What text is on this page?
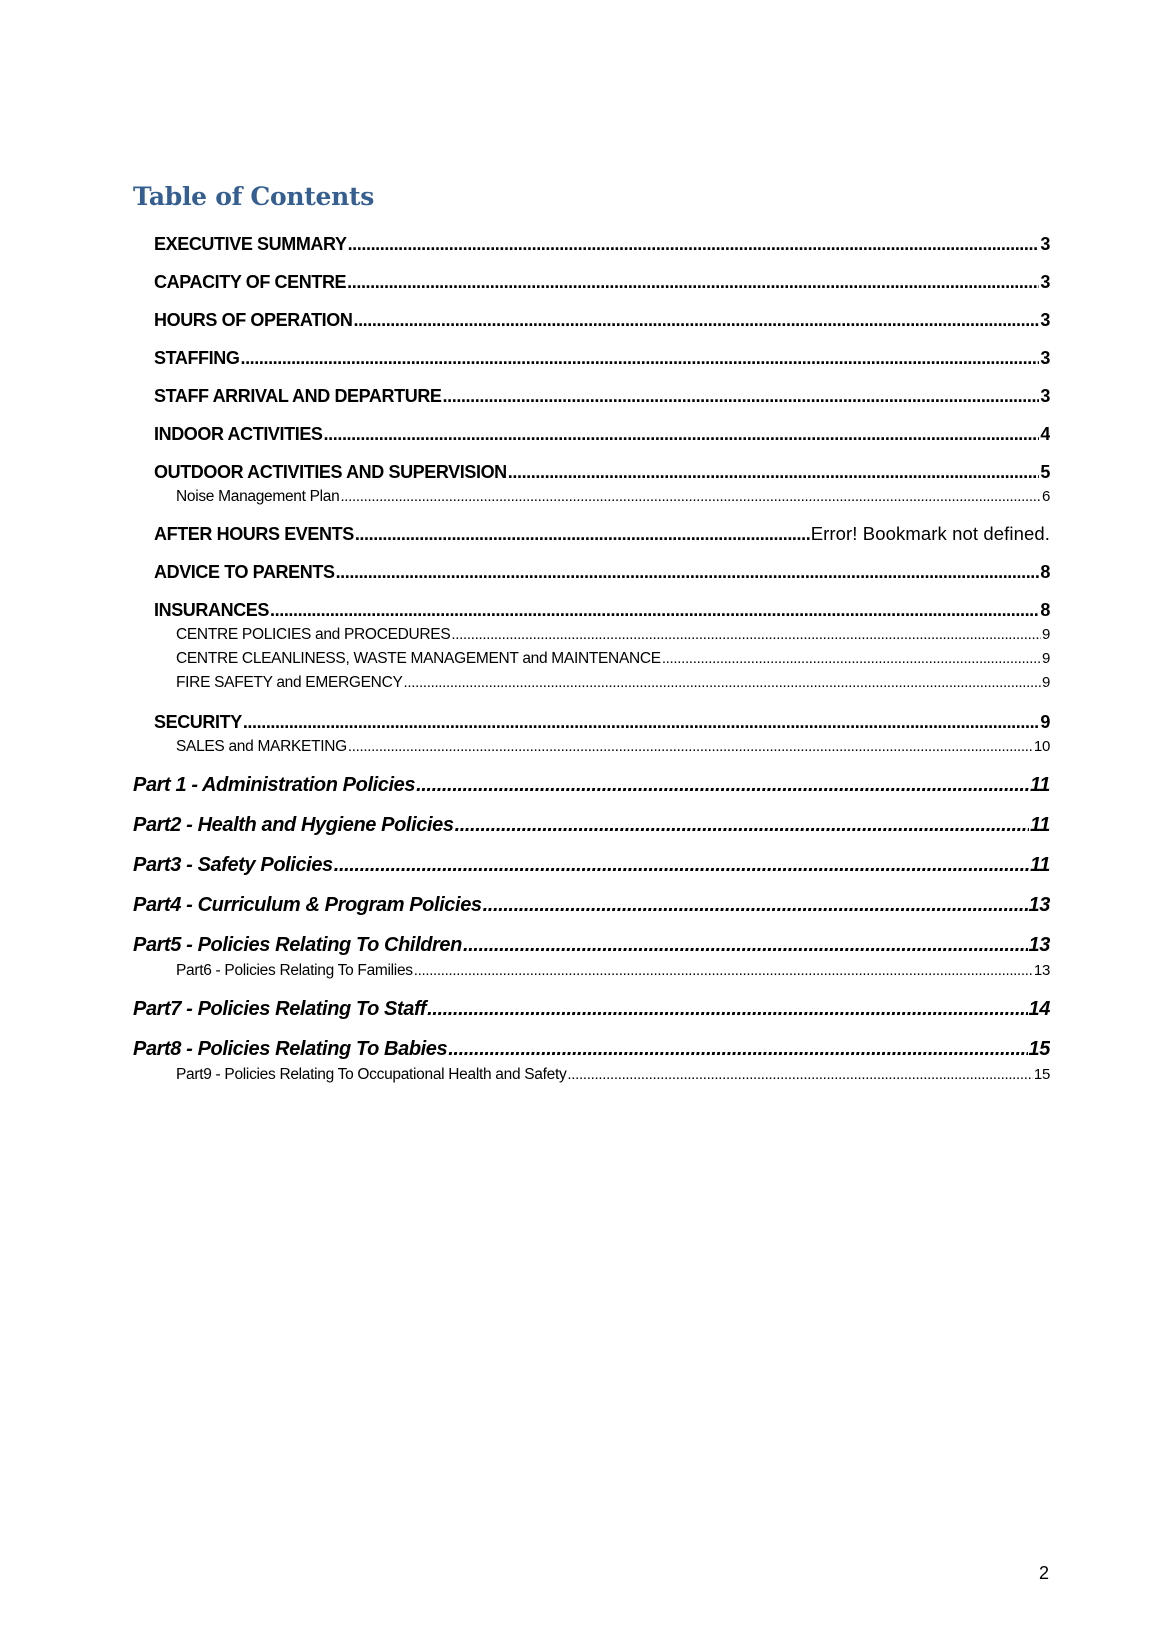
Table of Contents
EXECUTIVE SUMMARY .....	3
CAPACITY OF CENTRE .....	3
HOURS OF OPERATION .....	3
STAFFING .....	3
STAFF ARRIVAL AND DEPARTURE .....	3
INDOOR ACTIVITIES .....	4
OUTDOOR ACTIVITIES AND SUPERVISION .....	5
Noise Management Plan .....	6
AFTER HOURS EVENTS .....	Error! Bookmark not defined.
ADVICE TO PARENTS .....	8
INSURANCES .....	8
CENTRE POLICIES and PROCEDURES .....	9
CENTRE CLEANLINESS, WASTE MANAGEMENT and MAINTENANCE .....	9
FIRE SAFETY and EMERGENCY .....	9
SECURITY .....	9
SALES and MARKETING .....	10
Part 1 - Administration Policies .....	11
Part2 - Health and Hygiene Policies .....	11
Part3 - Safety Policies .....	11
Part4 - Curriculum & Program Policies .....	13
Part5 - Policies Relating To Children .....	13
Part6 - Policies Relating To Families .....	13
Part7 - Policies Relating To Staff .....	14
Part8 - Policies Relating To Babies .....	15
Part9 - Policies Relating To Occupational Health and Safety .....	15
2
